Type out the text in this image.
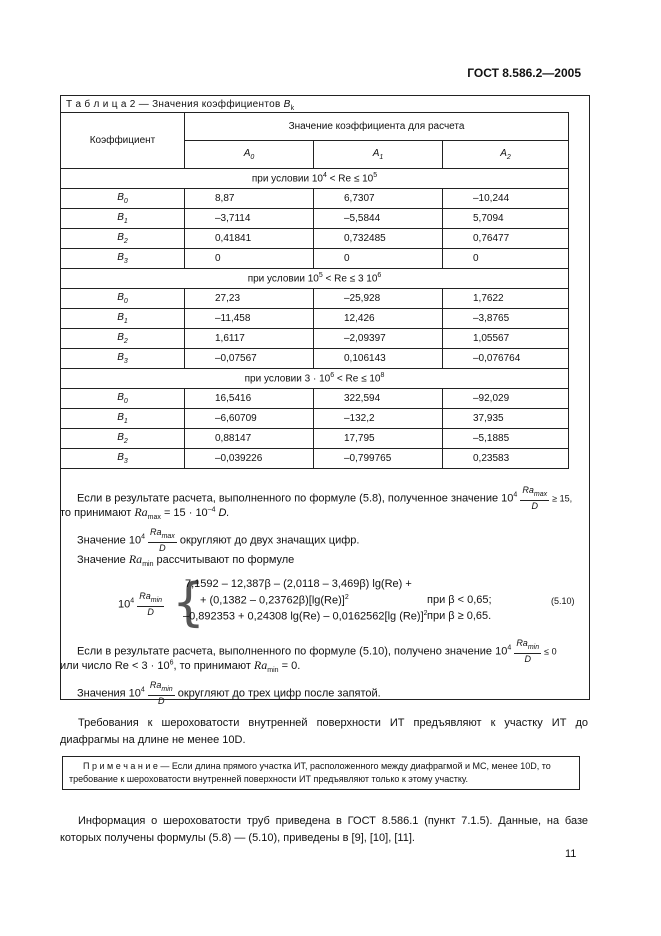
ГОСТ 8.586.2—2005
Т а б л и ц а 2 — Значения коэффициентов $B_k$
Коэффициент	Значение коэффициента для расчета		
	$A_0$	$A_1$	$A_2$
при условии $10^4 < Re \le 10^5$
$B_0$	8,87	6,7307	–10,244
$B_1$	–3,7114	–5,5844	5,7094
$B_2$	0,41841	0,732485	0,76477
$B_3$	0	0	0
при условии $10^5 < Re \le 3$ $10^6$
$B_0$	27,23	–25,928	1,7622
$B_1$	–11,458	12,426	–3,8765
$B_2$	1,6117	–2,09397	1,05567
$B_3$	–0,07567	0,106143	–0,076764
при условии $3 \cdot 10^6 < Re \le 10^8$
$B_0$	16,5416	322,594	–92,029
$B_1$	–6,60709	–132,2	37,935
$B_2$	0,88147	17,795	–5,1885
$B_3$	–0,039226	–0,799765	0,23583
Если в результате расчета, выполненного по формуле (5.8), полученное значение $10^4 \frac{Ra_{max}}{D} \ge 15$,
то принимают $Ra_{max} = 15 \cdot 10^{-4}$ D.
Значение $10^4 \frac{Ra_{max}}{D}$ округляют до двух значащих цифр.
Значение $Ra_{min}$ рассчитывают по формуле
$10^4 \frac{Ra_{min}}{D}$ {
7,1592 – 12,387β – (2,0118 – 3,469β) lg(Re) +
+ $(0,1382 - 0,23762\beta)[\lg(Re)]^2$
–0,892353 + 0,24308 lg(Re) – 0,0162562[lg (Re)]$^2$
при β < 0,65;
при β ≥ 0,65.
(5.10)
Если в результате расчета, выполненного по формуле (5.10), получено значение $10^4 \frac{Ra_{min}}{D} \le 0$
или число $Re < 3 \cdot 10^6$, то принимают $Ra_{min} = 0$.
Значения $10^4 \frac{Ra_{min}}{D}$ округляют до трех цифр после запятой.
Требования к шероховатости внутренней поверхности ИТ предъявляют к участку ИТ до диафрагмы на длине не менее 10D.
П р и м е ч а н и е — Если длина прямого участка ИТ, расположенного между диафрагмой и МС, менее 10D, то требование к шероховатости внутренней поверхности ИТ предъявляют только к этому участку.
Информация о шероховатости труб приведена в ГОСТ 8.586.1 (пункт 7.1.5). Данные, на базе которых получены формулы (5.8) — (5.10), приведены в [9], [10], [11].
11
